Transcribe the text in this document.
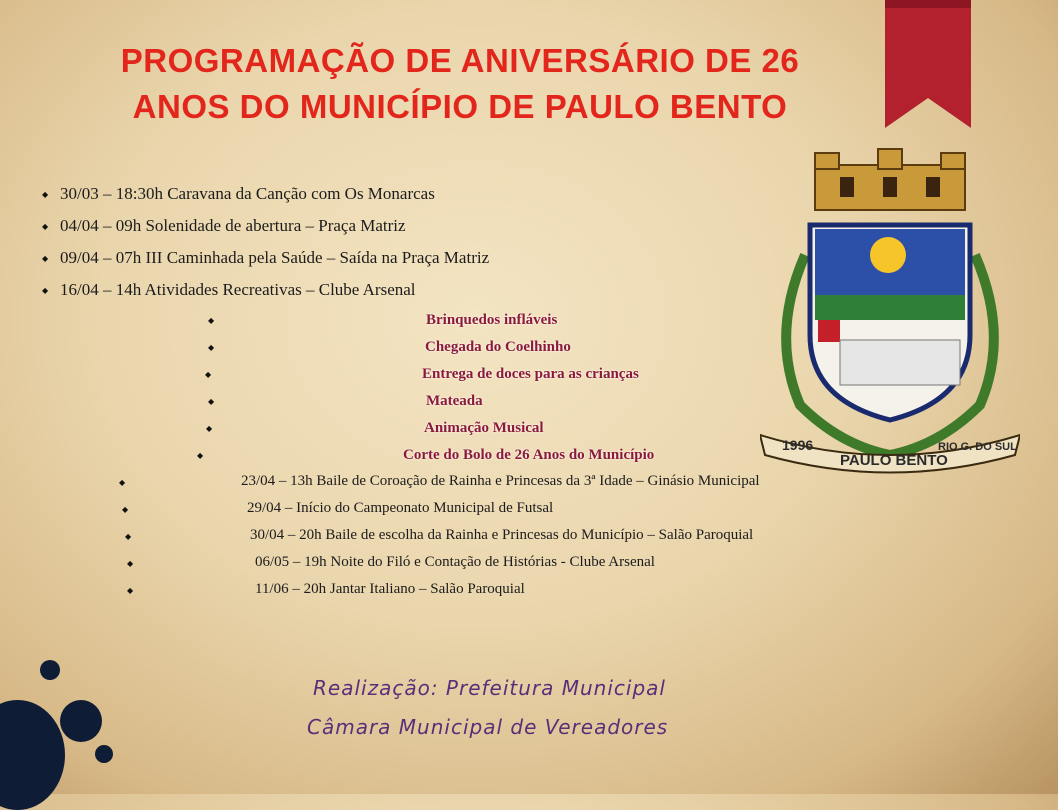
PROGRAMAÇÃO DE ANIVERSÁRIO DE 26
ANOS DO MUNICÍPIO DE PAULO BENTO
◆ 30/03 – 18:30h Caravana da Canção com Os Monarcas
◆ 04/04 – 09h Solenidade de abertura – Praça Matriz
◆ 09/04 – 07h III Caminhada pela Saúde – Saída na Praça Matriz
◆ 16/04 – 14h Atividades Recreativas – Clube Arsenal
1996
PAULO BENTO
RIO G. DO SUL
◆	Brinquedos infláveis
◆	Chegada do Coelhinho
◆	Entrega de doces para as crianças
◆	Mateada
◆	Animação Musical
◆	Corte do Bolo de 26 Anos do Município
◆	23/04 – 13h Baile de Coroação de Rainha e Princesas da 3ª Idade – Ginásio Municipal
◆	29/04 – Início do Campeonato Municipal de Futsal
◆	30/04 – 20h Baile de escolha da Rainha e Princesas do Município – Salão Paroquial
◆	06/05 – 19h Noite do Filó e Contação de Histórias - Clube Arsenal
◆	11/06 – 20h Jantar Italiano – Salão Paroquial
Realização: Prefeitura Municipal
Câmara Municipal de Vereadores
